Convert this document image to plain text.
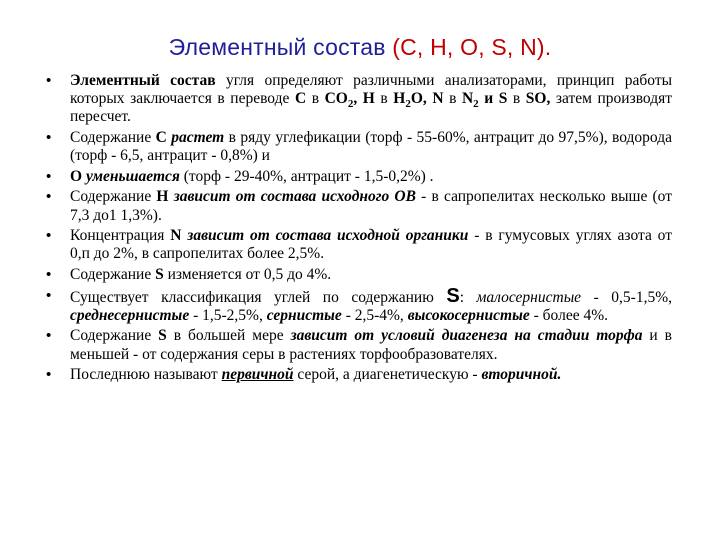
Элементный состав (C, H, O, S, N).
• Элементный состав угля определяют различными анализаторами, принцип работы которых заключается в переводе С в $СО_2$, Н в $Н_2О$, N в $N_2$ и S в SO, затем производят пересчет.

• Содержание С растет в ряду углефикации (торф - 55-60%, антрацит до 97,5%), водорода (торф - 6,5, антрацит - 0,8%) и

• О уменьшается (торф - 29-40%, антрацит - 1,5-0,2%) .

• Содержание Н зависит от состава исходного ОВ - в сапропелитах несколько выше (от 7,3 до1 1,3%).

• Концентрация N зависит от состава исходной органики - в гумусовых углях азота от 0,п до 2%, в сапропелитах более 2,5%.

• Содержание S изменяется от 0,5 до 4%.

• Существует классификация углей по содержанию S: малосернистые - 0,5-1,5%, среднесернистые - 1,5-2,5%, сернистые - 2,5-4%, высокосернистые - более 4%.

• Содержание S в большей мере зависит от условий диагенеза на стадии торфа и в меньшей - от содержания серы в растениях торфообразователях.

• Последнюю называют первичной серой, а диагенетическую - вторичной.
